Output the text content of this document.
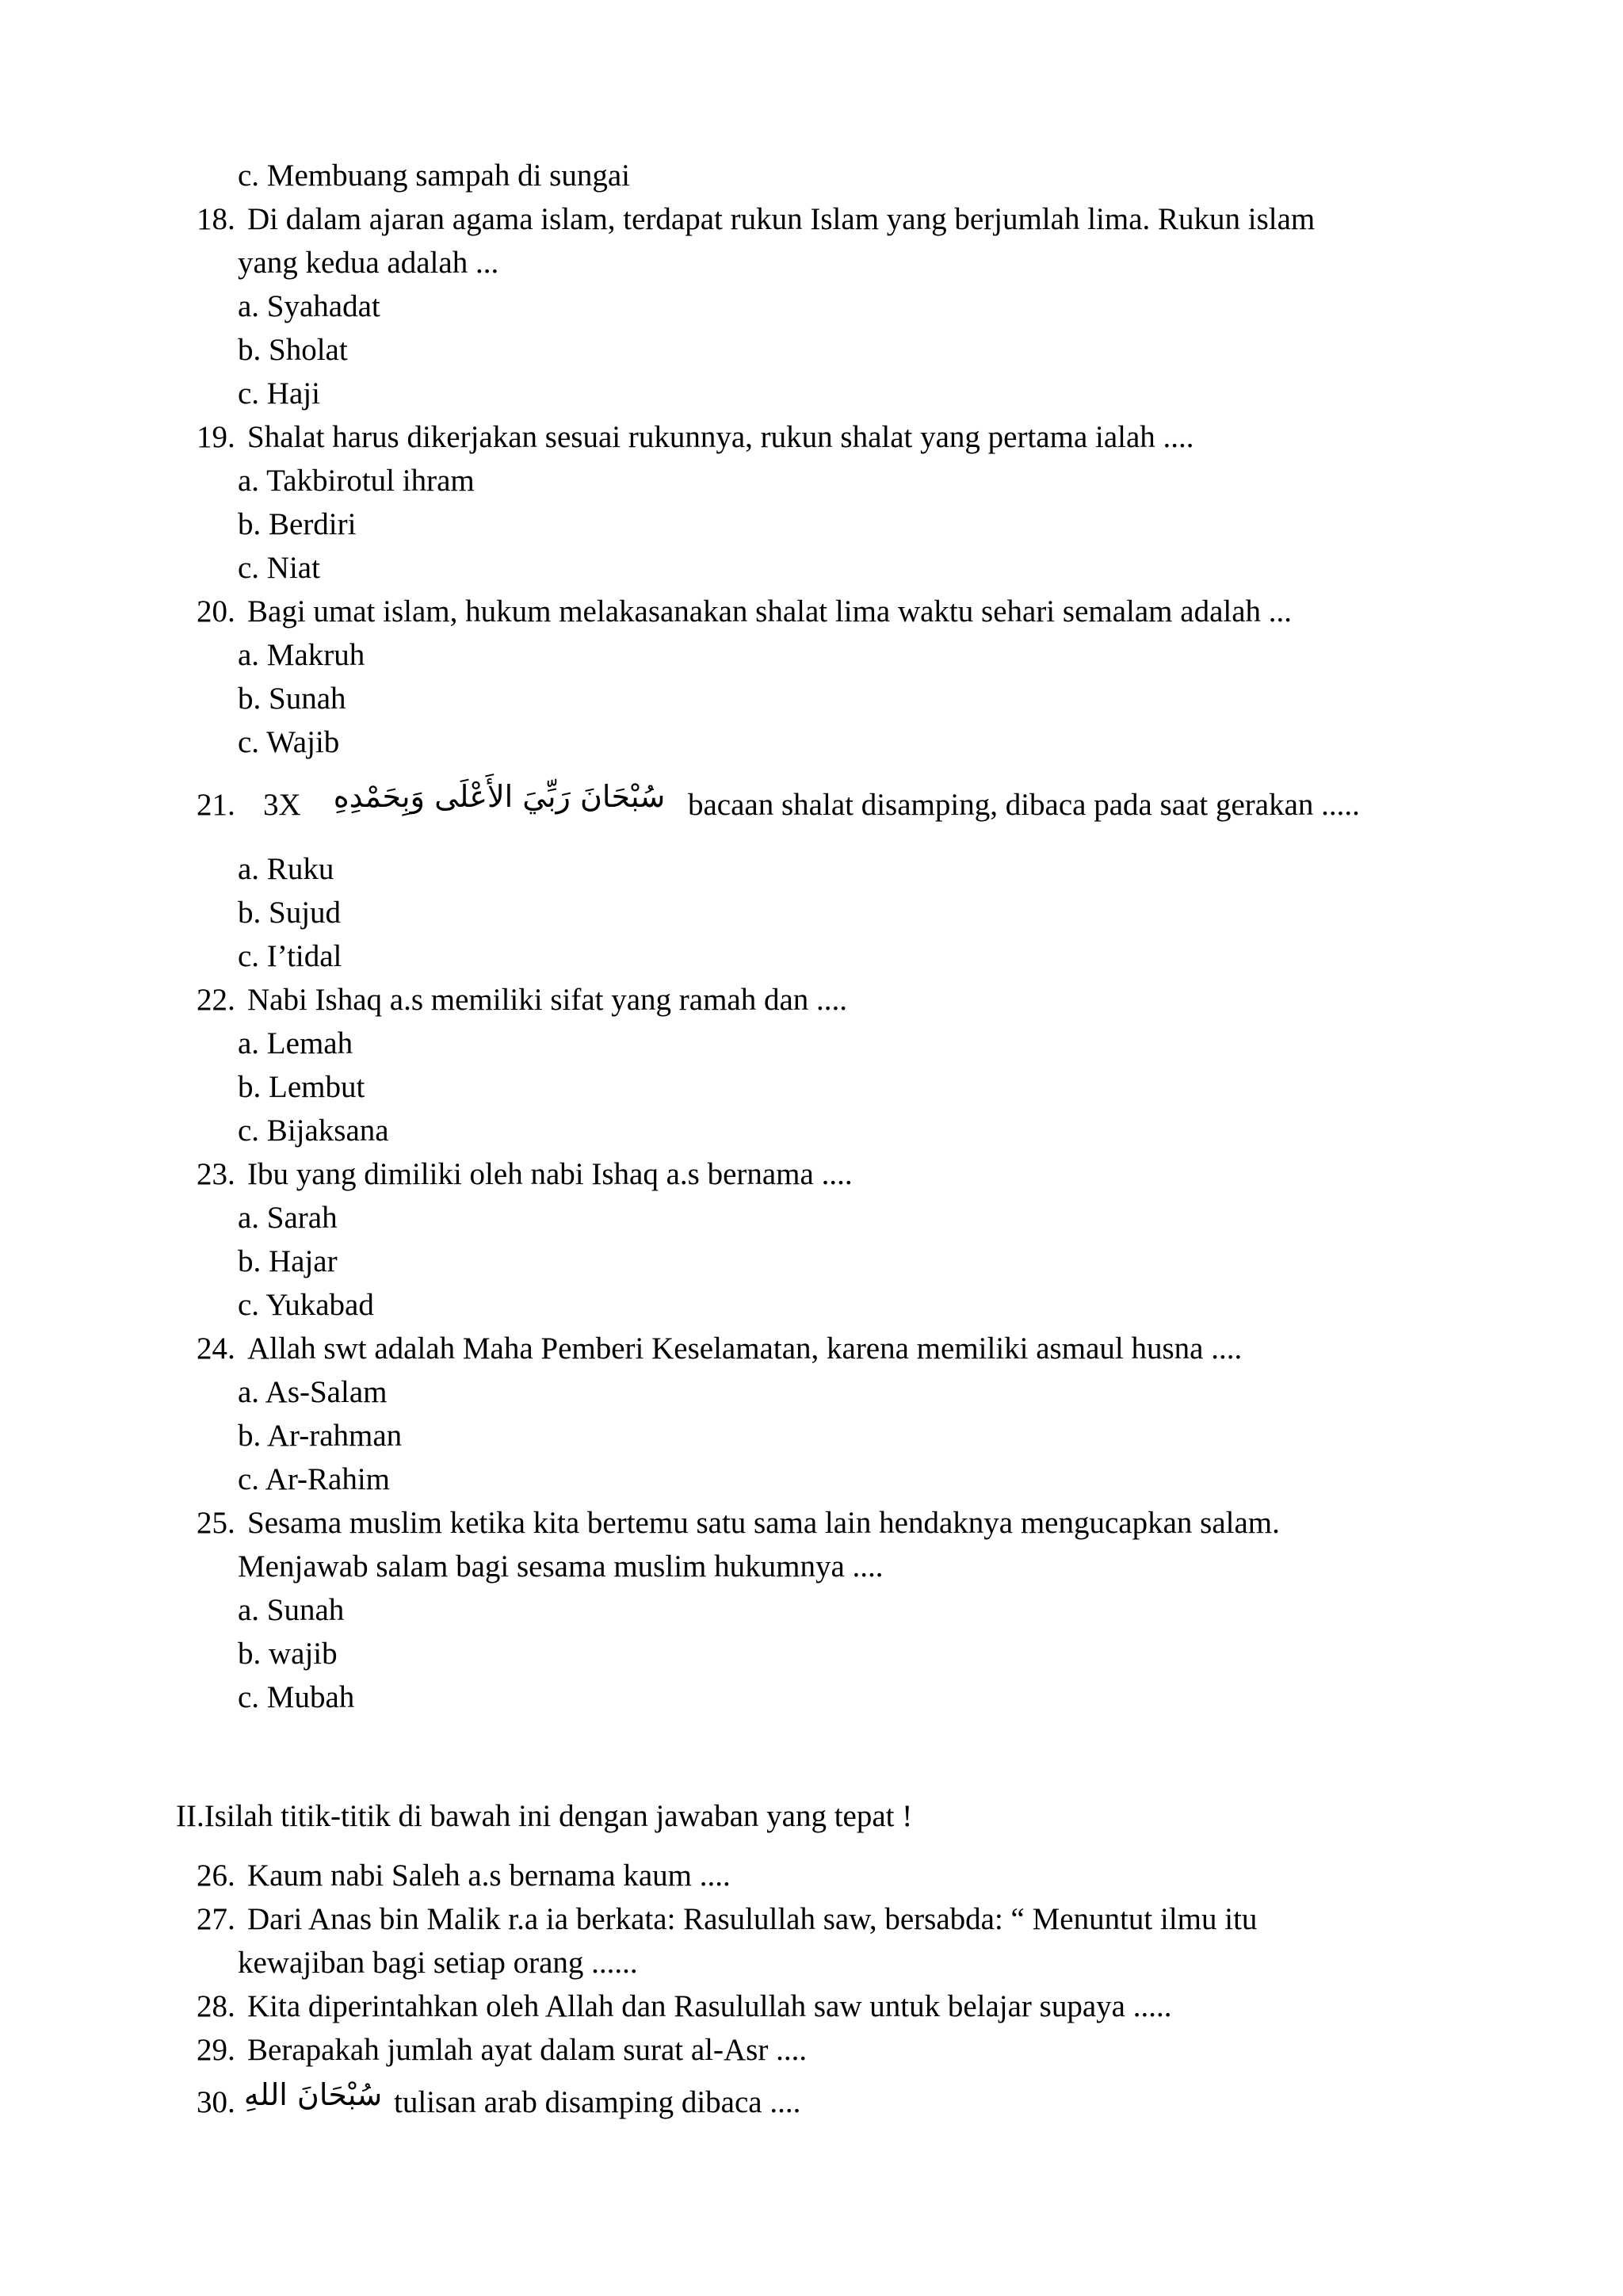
c. Membuang sampah di sungai
18. Di dalam ajaran agama islam, terdapat rukun Islam yang berjumlah lima. Rukun islam
yang kedua adalah ...
a. Syahadat
b. Sholat
c. Haji
19. Shalat harus dikerjakan sesuai rukunnya, rukun shalat yang pertama ialah ....
a. Takbirotul ihram
b. Berdiri
c. Niat
20. Bagi umat islam, hukum melakasanakan shalat lima waktu sehari semalam adalah ...
a. Makruh
b. Sunah
c. Wajib
21. 3X سُبْحَانَ رَبِّيَ الأَعْلَى وَبِحَمْدِهِ bacaan shalat disamping, dibaca pada saat gerakan .....
a. Ruku
b. Sujud
c. I’tidal
22. Nabi Ishaq a.s memiliki sifat yang ramah dan ....
a. Lemah
b. Lembut
c. Bijaksana
23. Ibu yang dimiliki oleh nabi Ishaq a.s bernama ....
a. Sarah
b. Hajar
c. Yukabad
24. Allah swt adalah Maha Pemberi Keselamatan, karena memiliki asmaul husna ....
a. As-Salam
b. Ar-rahman
c. Ar-Rahim
25. Sesama muslim ketika kita bertemu satu sama lain hendaknya mengucapkan salam.
Menjawab salam bagi sesama muslim hukumnya ....
a. Sunah
b. wajib
c. Mubah
II.Isilah titik-titik di bawah ini dengan jawaban yang tepat !
26. Kaum nabi Saleh a.s bernama kaum ....
27. Dari Anas bin Malik r.a ia berkata: Rasulullah saw, bersabda: “ Menuntut ilmu itu
kewajiban bagi setiap orang ......
28. Kita diperintahkan oleh Allah dan Rasulullah saw untuk belajar supaya .....
29. Berapakah jumlah ayat dalam surat al-Asr ....
30. سُبْحَانَ اللهِ tulisan arab disamping dibaca ....
